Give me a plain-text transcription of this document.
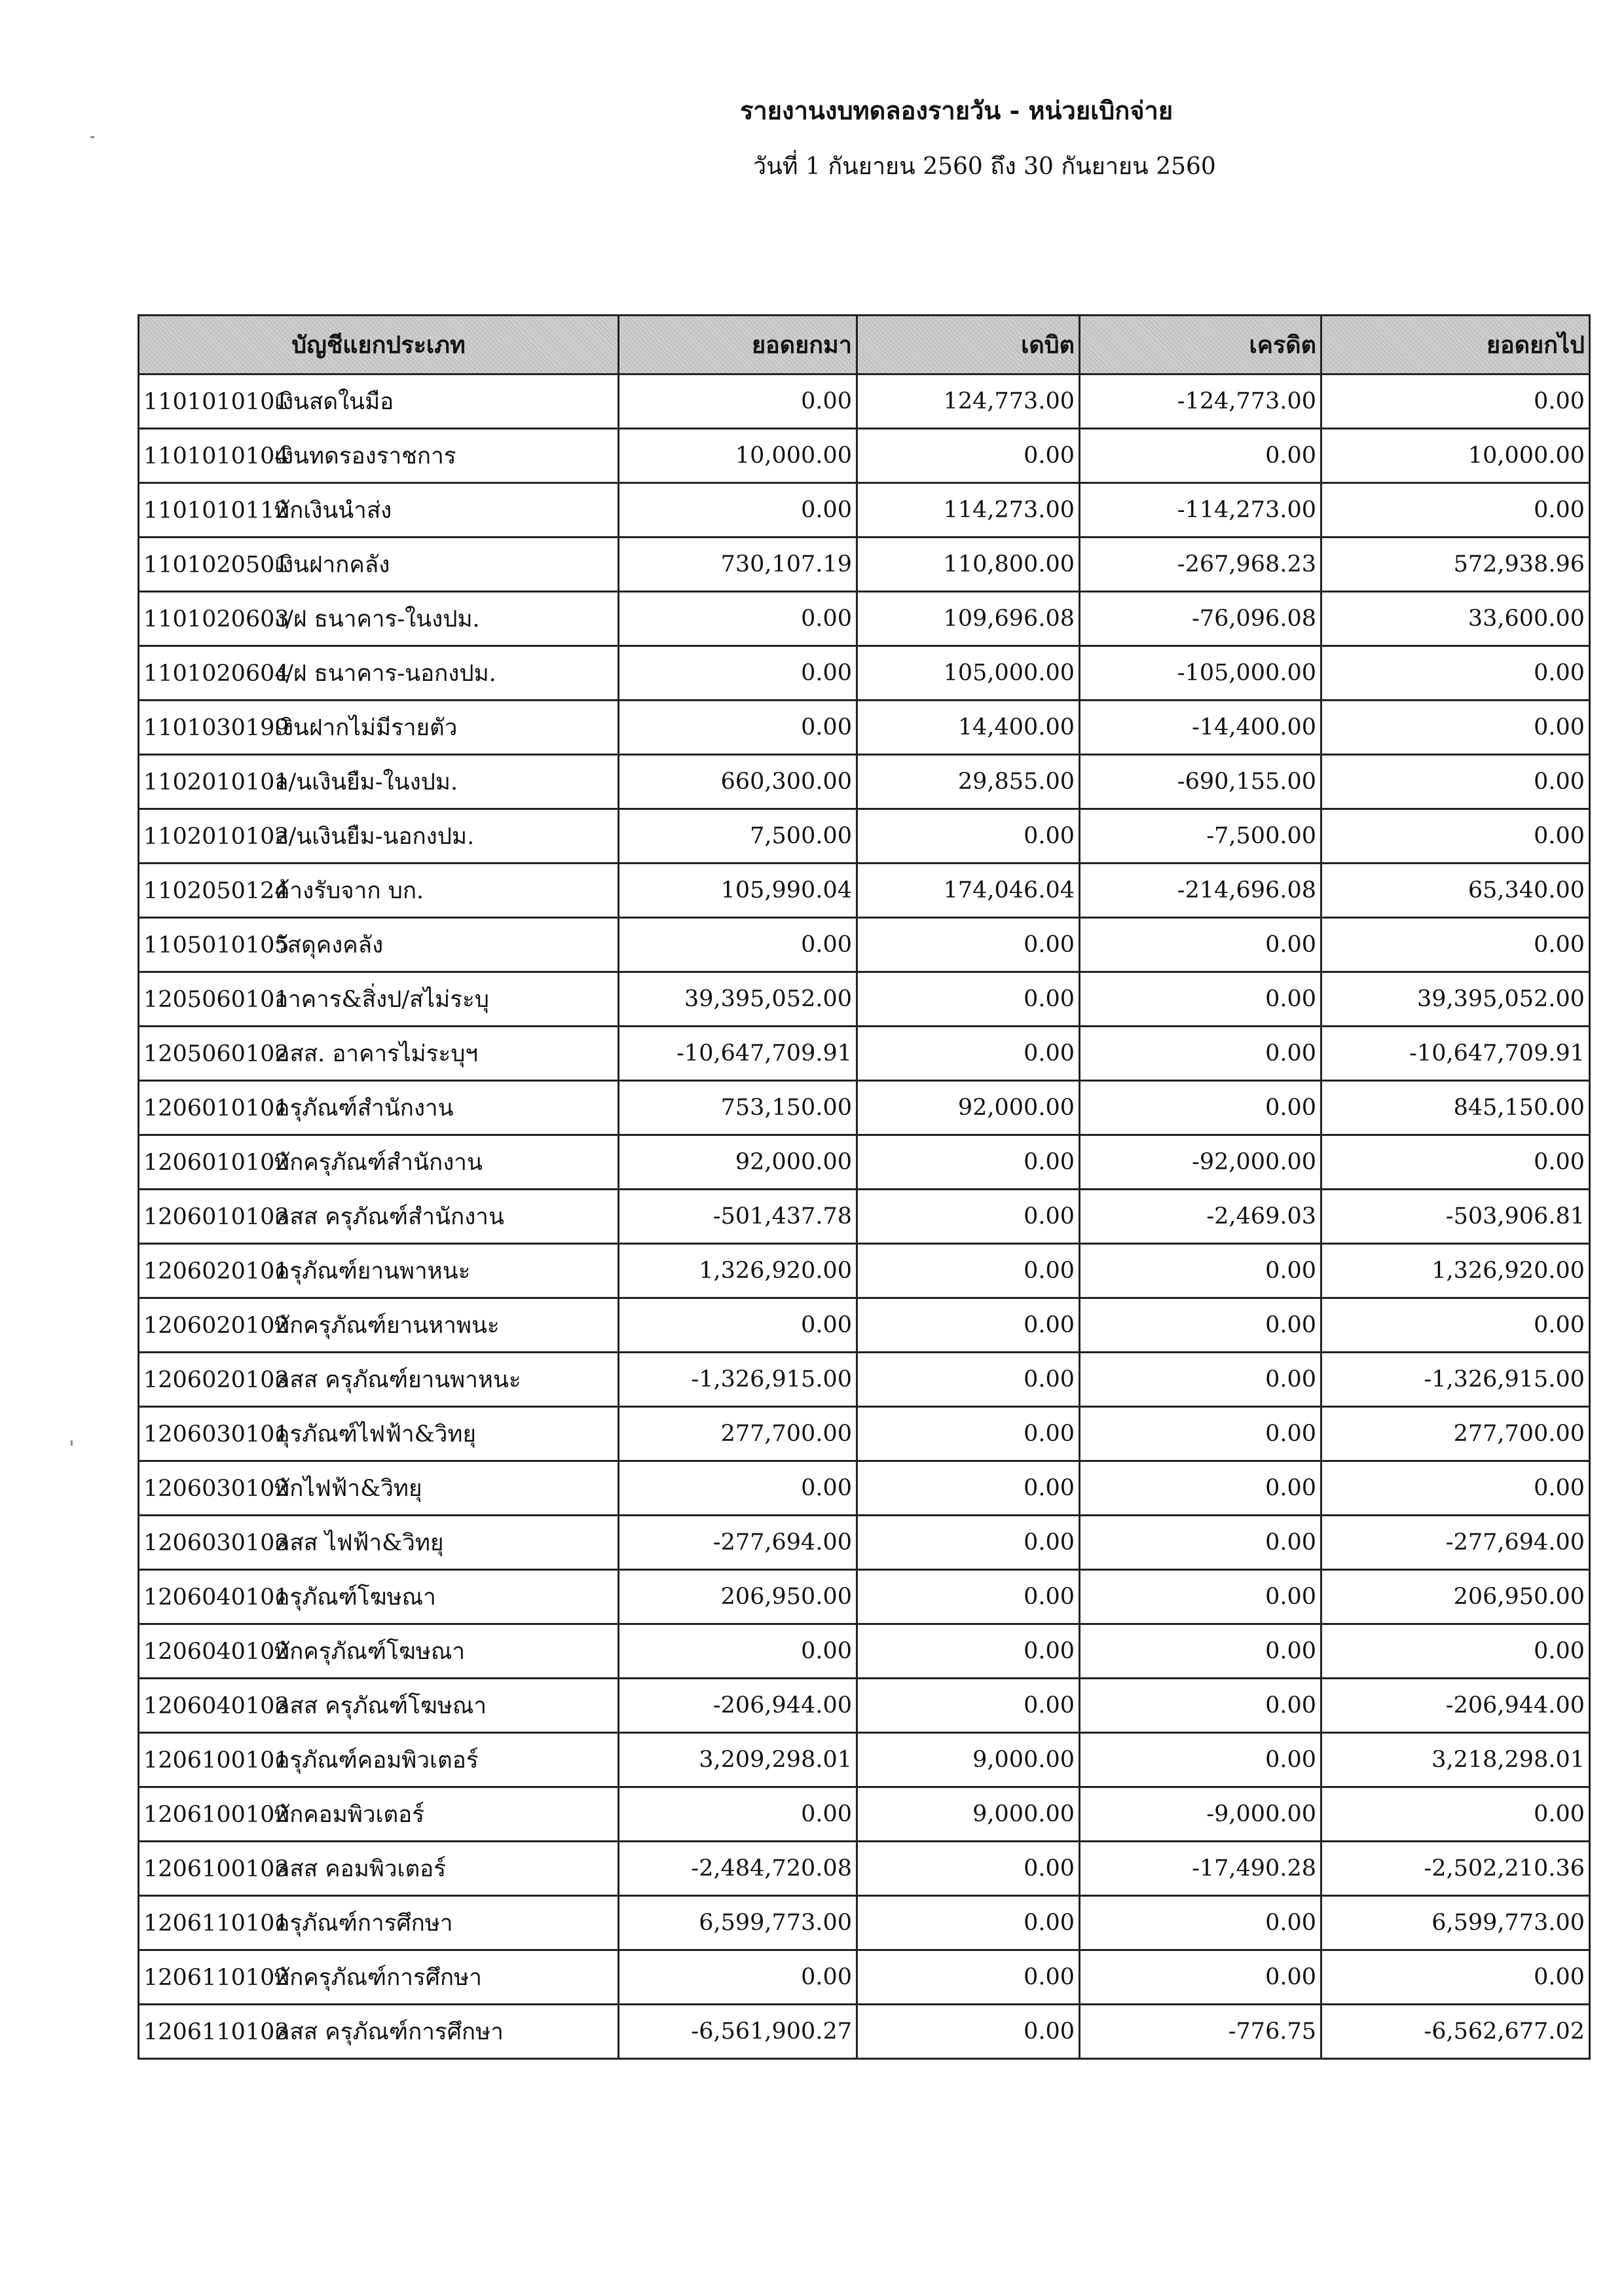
รายงานงบทดลองรายวัน - หน่วยเบิกจ่าย
วันที่ 1 กันยายน 2560 ถึง 30 กันยายน 2560
บัญชีแยกประเภท	ยอดยกมา	เดบิต	เครดิต	ยอดยกไป
1101010101เงินสดในมือ	0.00	124,773.00	-124,773.00	0.00
1101010104เงินทดรองราชการ	10,000.00	0.00	0.00	10,000.00
1101010112พักเงินนำส่ง	0.00	114,273.00	-114,273.00	0.00
1101020501เงินฝากคลัง	730,107.19	110,800.00	-267,968.23	572,938.96
1101020603ง/ฝ ธนาคาร-ในงปม.	0.00	109,696.08	-76,096.08	33,600.00
1101020604ง/ฝ ธนาคาร-นอกงปม.	0.00	105,000.00	-105,000.00	0.00
1101030199เงินฝากไม่มีรายตัว	0.00	14,400.00	-14,400.00	0.00
1102010101ล/นเงินยืม-ในงปม.	660,300.00	29,855.00	-690,155.00	0.00
1102010102ล/นเงินยืม-นอกงปม.	7,500.00	0.00	-7,500.00	0.00
1102050124ค้างรับจาก บก.	105,990.04	174,046.04	-214,696.08	65,340.00
1105010105วัสดุคงคลัง	0.00	0.00	0.00	0.00
1205060101อาคาร&สิ่งป/สไม่ระบุ	39,395,052.00	0.00	0.00	39,395,052.00
1205060102คสส. อาคารไม่ระบุฯ	-10,647,709.91	0.00	0.00	-10,647,709.91
1206010101ครุภัณฑ์สำนักงาน	753,150.00	92,000.00	0.00	845,150.00
1206010102พักครุภัณฑ์สำนักงาน	92,000.00	0.00	-92,000.00	0.00
1206010103คสส ครุภัณฑ์สำนักงาน	-501,437.78	0.00	-2,469.03	-503,906.81
1206020101ครุภัณฑ์ยานพาหนะ	1,326,920.00	0.00	0.00	1,326,920.00
1206020102พักครุภัณฑ์ยานหาพนะ	0.00	0.00	0.00	0.00
1206020103คสส ครุภัณฑ์ยานพาหนะ	-1,326,915.00	0.00	0.00	-1,326,915.00
1206030101คุรภัณฑ์ไฟฟ้า&วิทยุ	277,700.00	0.00	0.00	277,700.00
1206030102พักไฟฟ้า&วิทยุ	0.00	0.00	0.00	0.00
1206030103คสส ไฟฟ้า&วิทยุ	-277,694.00	0.00	0.00	-277,694.00
1206040101ครุภัณฑ์โฆษณา	206,950.00	0.00	0.00	206,950.00
1206040102พักครุภัณฑ์โฆษณา	0.00	0.00	0.00	0.00
1206040103คสส ครุภัณฑ์โฆษณา	-206,944.00	0.00	0.00	-206,944.00
1206100101ครุภัณฑ์คอมพิวเตอร์	3,209,298.01	9,000.00	0.00	3,218,298.01
1206100102พักคอมพิวเตอร์	0.00	9,000.00	-9,000.00	0.00
1206100103คสส คอมพิวเตอร์	-2,484,720.08	0.00	-17,490.28	-2,502,210.36
1206110101ครุภัณฑ์การศึกษา	6,599,773.00	0.00	0.00	6,599,773.00
1206110102พักครุภัณฑ์การศึกษา	0.00	0.00	0.00	0.00
1206110103คสส ครุภัณฑ์การศึกษา	-6,561,900.27	0.00	-776.75	-6,562,677.02
